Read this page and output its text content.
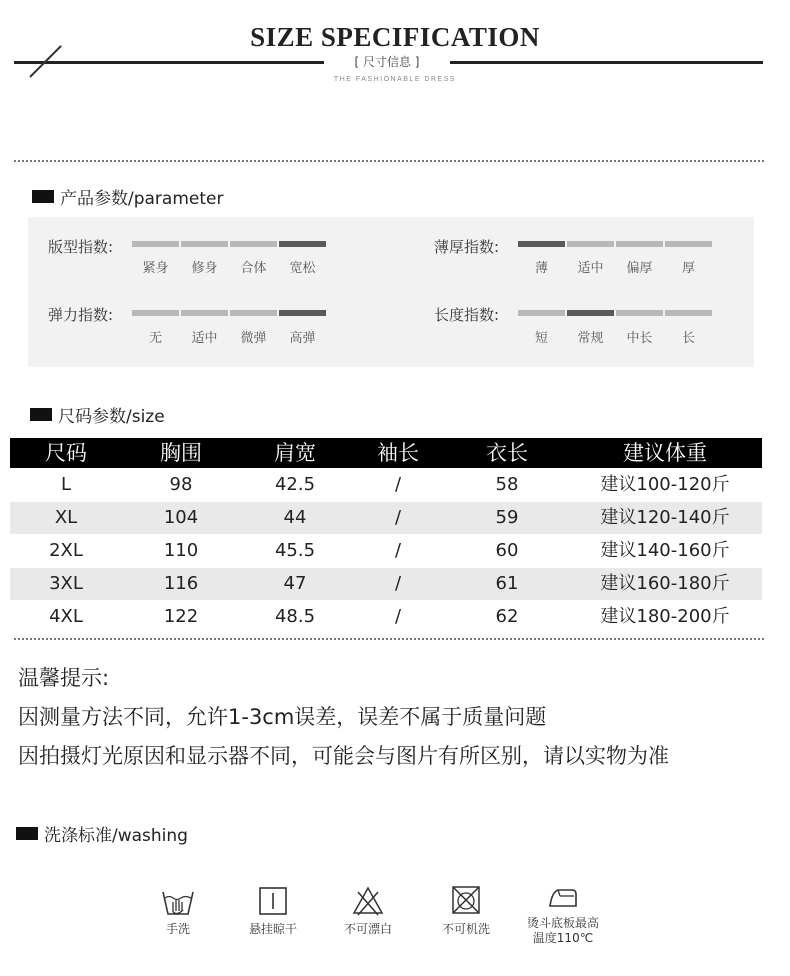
SIZE SPECIFICATION
[ 尺寸信息 ]
THE FASHIONABLE DRESS
产品参数/parameter
版型指数:
紧身	修身	合体	宽松
薄厚指数:
薄	适中	偏厚	厚
弹力指数:
无	适中	微弹	高弹
长度指数:
短	常规	中长	长
尺码参数/size
尺码	胸围	肩宽	袖长	衣长	建议体重
L	98	42.5	/	58	建议100-120斤
XL	104	44	/	59	建议120-140斤
2XL	110	45.5	/	60	建议140-160斤
3XL	116	47	/	61	建议160-180斤
4XL	122	48.5	/	62	建议180-200斤
温馨提示:
因测量方法不同，允许1-3cm误差，误差不属于质量问题
因拍摄灯光原因和显示器不同，可能会与图片有所区别，请以实物为准
洗涤标准/washing
手洗	悬挂晾干	不可漂白	不可机洗	烫斗底板最高
温度110℃
